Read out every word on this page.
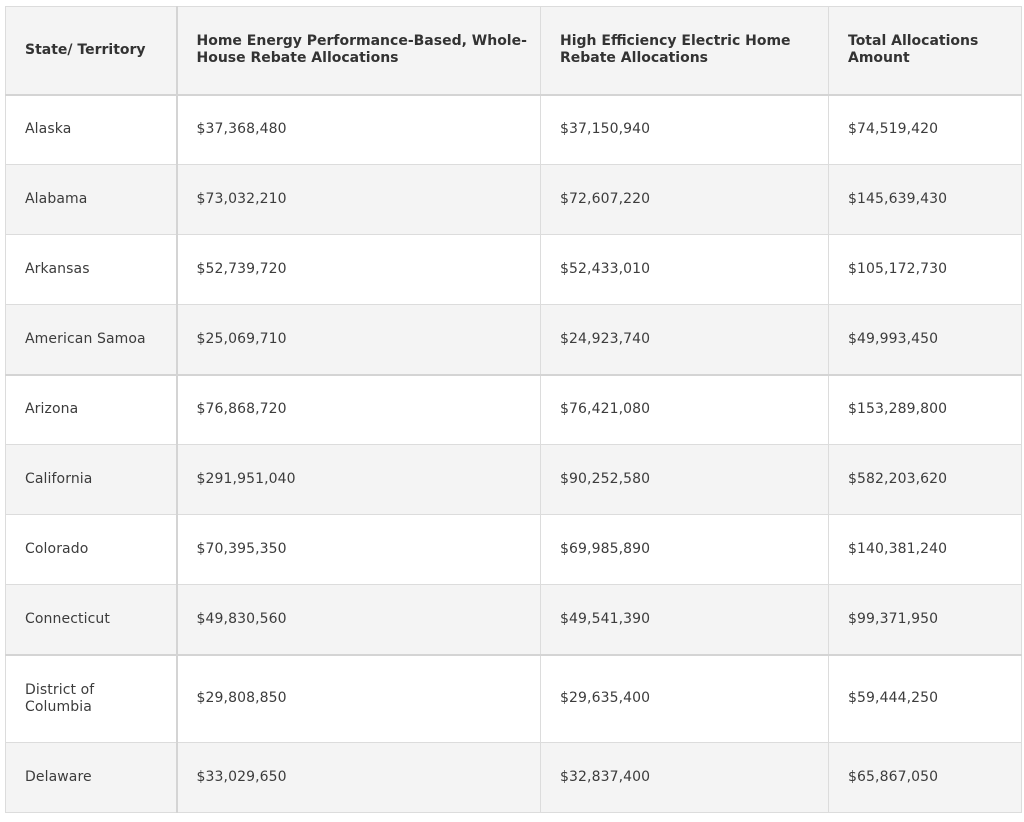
State/ Territory	Home Energy Performance-Based, Whole-House Rebate Allocations	High Efficiency Electric Home Rebate Allocations	Total Allocations Amount
Alaska	$37,368,480	$37,150,940	$74,519,420
Alabama	$73,032,210	$72,607,220	$145,639,430
Arkansas	$52,739,720	$52,433,010	$105,172,730
American Samoa	$25,069,710	$24,923,740	$49,993,450
Arizona	$76,868,720	$76,421,080	$153,289,800
California	$291,951,040	$90,252,580	$582,203,620
Colorado	$70,395,350	$69,985,890	$140,381,240
Connecticut	$49,830,560	$49,541,390	$99,371,950
District of Columbia	$29,808,850	$29,635,400	$59,444,250
Delaware	$33,029,650	$32,837,400	$65,867,050
